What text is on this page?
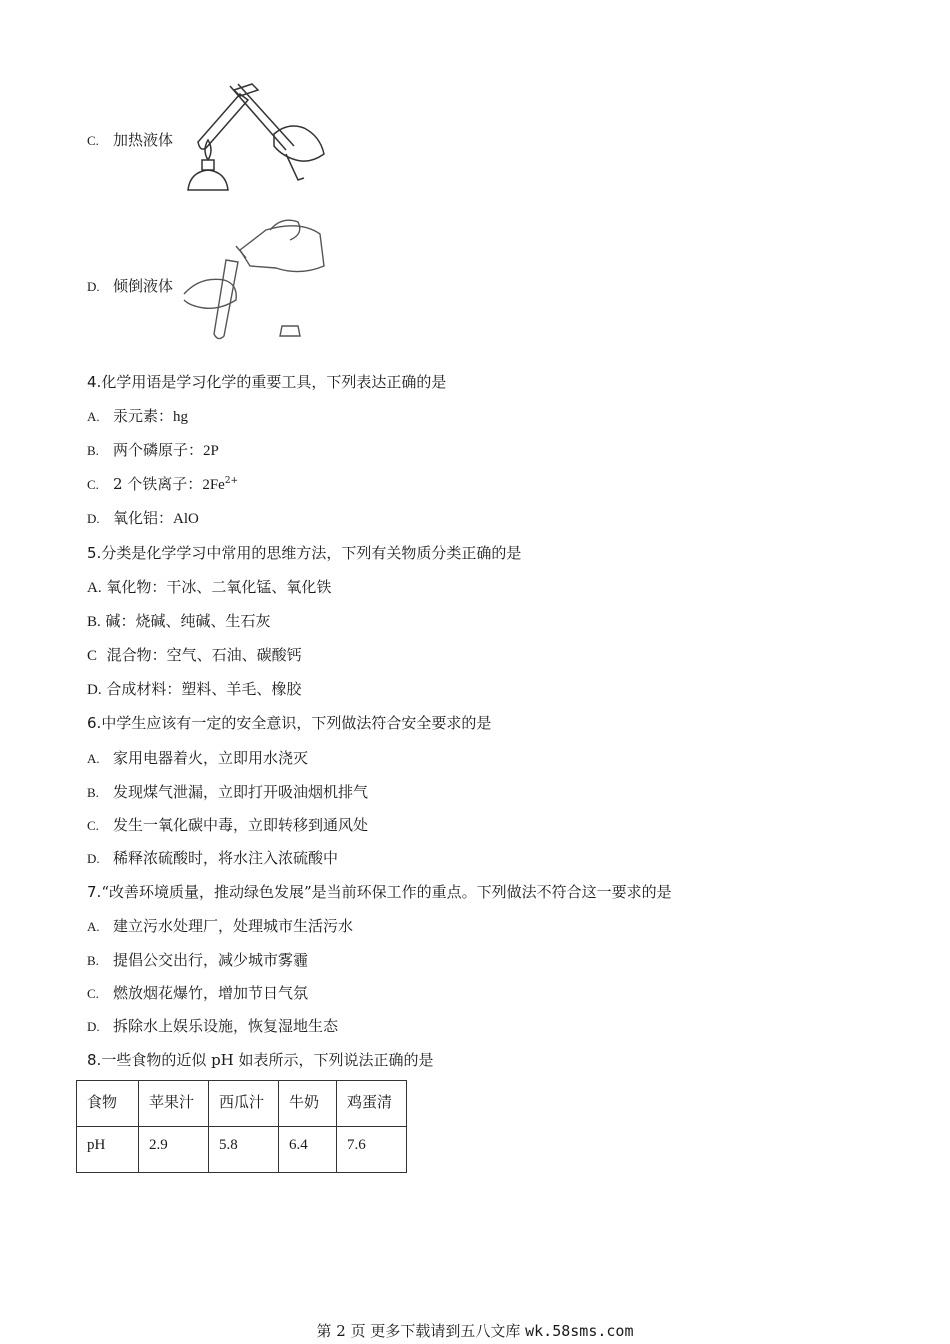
C. 加热液体
D. 倾倒液体
4.化学用语是学习化学的重要工具，下列表达正确的是
A. 汞元素：hg
B. 两个磷原子：2P
C. 2 个铁离子：$2Fe^{2+}$
D. 氧化铝：AlO
5.分类是化学学习中常用的思维方法，下列有关物质分类正确的是
A. 氧化物：干冰、二氧化锰、氧化铁
B. 碱：烧碱、纯碱、生石灰
C 混合物：空气、石油、碳酸钙
D. 合成材料：塑料、羊毛、橡胶
6.中学生应该有一定的安全意识，下列做法符合安全要求的是
A. 家用电器着火，立即用水浇灭
B. 发现煤气泄漏，立即打开吸油烟机排气
C. 发生一氧化碳中毒，立即转移到通风处
D. 稀释浓硫酸时，将水注入浓硫酸中
7.“改善环境质量，推动绿色发展”是当前环保工作的重点。下列做法不符合这一要求的是
A. 建立污水处理厂，处理城市生活污水
B. 提倡公交出行，减少城市雾霾
C. 燃放烟花爆竹，增加节日气氛
D. 拆除水上娱乐设施，恢复湿地生态
8.一些食物的近似 pH 如表所示，下列说法正确的是
食物	苹果汁	西瓜汁	牛奶	鸡蛋清
pH	2.9	5.8	6.4	7.6
第 2 页 更多下载请到五八文库 wk.58sms.com
